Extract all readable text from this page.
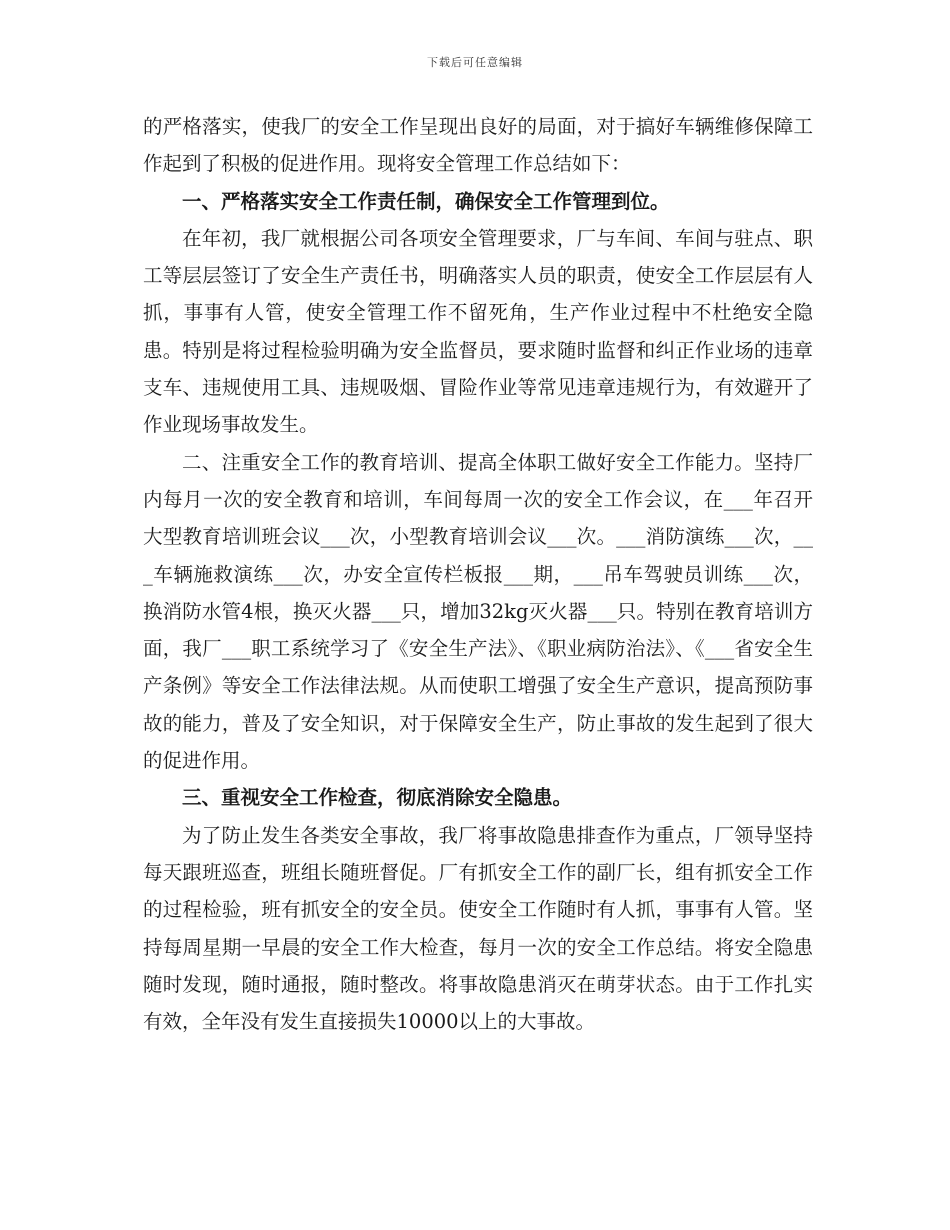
下载后可任意编辑

的严格落实，使我厂的安全工作呈现出良好的局面，对于搞好车辆维修保障工作起到了积极的促进作用。现将安全管理工作总结如下：

一、严格落实安全工作责任制，确保安全工作管理到位。

在年初，我厂就根据公司各项安全管理要求，厂与车间、车间与驻点、职工等层层签订了安全生产责任书，明确落实人员的职责，使安全工作层层有人抓，事事有人管，使安全管理工作不留死角，生产作业过程中不杜绝安全隐患。特别是将过程检验明确为安全监督员，要求随时监督和纠正作业场的违章支车、违规使用工具、违规吸烟、冒险作业等常见违章违规行为，有效避开了作业现场事故发生。

二、注重安全工作的教育培训、提高全体职工做好安全工作能力。坚持厂内每月一次的安全教育和培训，车间每周一次的安全工作会议，在___年召开大型教育培训班会议___次，小型教育培训会议___次。___消防演练___次，___车辆施救演练___次，办安全宣传栏板报___期，___吊车驾驶员训练___次，换消防水管4根，换灭火器___只，增加32kg灭火器___只。特别在教育培训方面，我厂___职工系统学习了《安全生产法》、《职业病防治法》、《___省安全生产条例》等安全工作法律法规。从而使职工增强了安全生产意识，提高预防事故的能力，普及了安全知识，对于保障安全生产，防止事故的发生起到了很大的促进作用。

三、重视安全工作检查，彻底消除安全隐患。

为了防止发生各类安全事故，我厂将事故隐患排查作为重点，厂领导坚持每天跟班巡查，班组长随班督促。厂有抓安全工作的副厂长，组有抓安全工作的过程检验，班有抓安全的安全员。使安全工作随时有人抓，事事有人管。坚持每周星期一早晨的安全工作大检查，每月一次的安全工作总结。将安全隐患随时发现，随时通报，随时整改。将事故隐患消灭在萌芽状态。由于工作扎实有效，全年没有发生直接损失10000以上的大事故。
